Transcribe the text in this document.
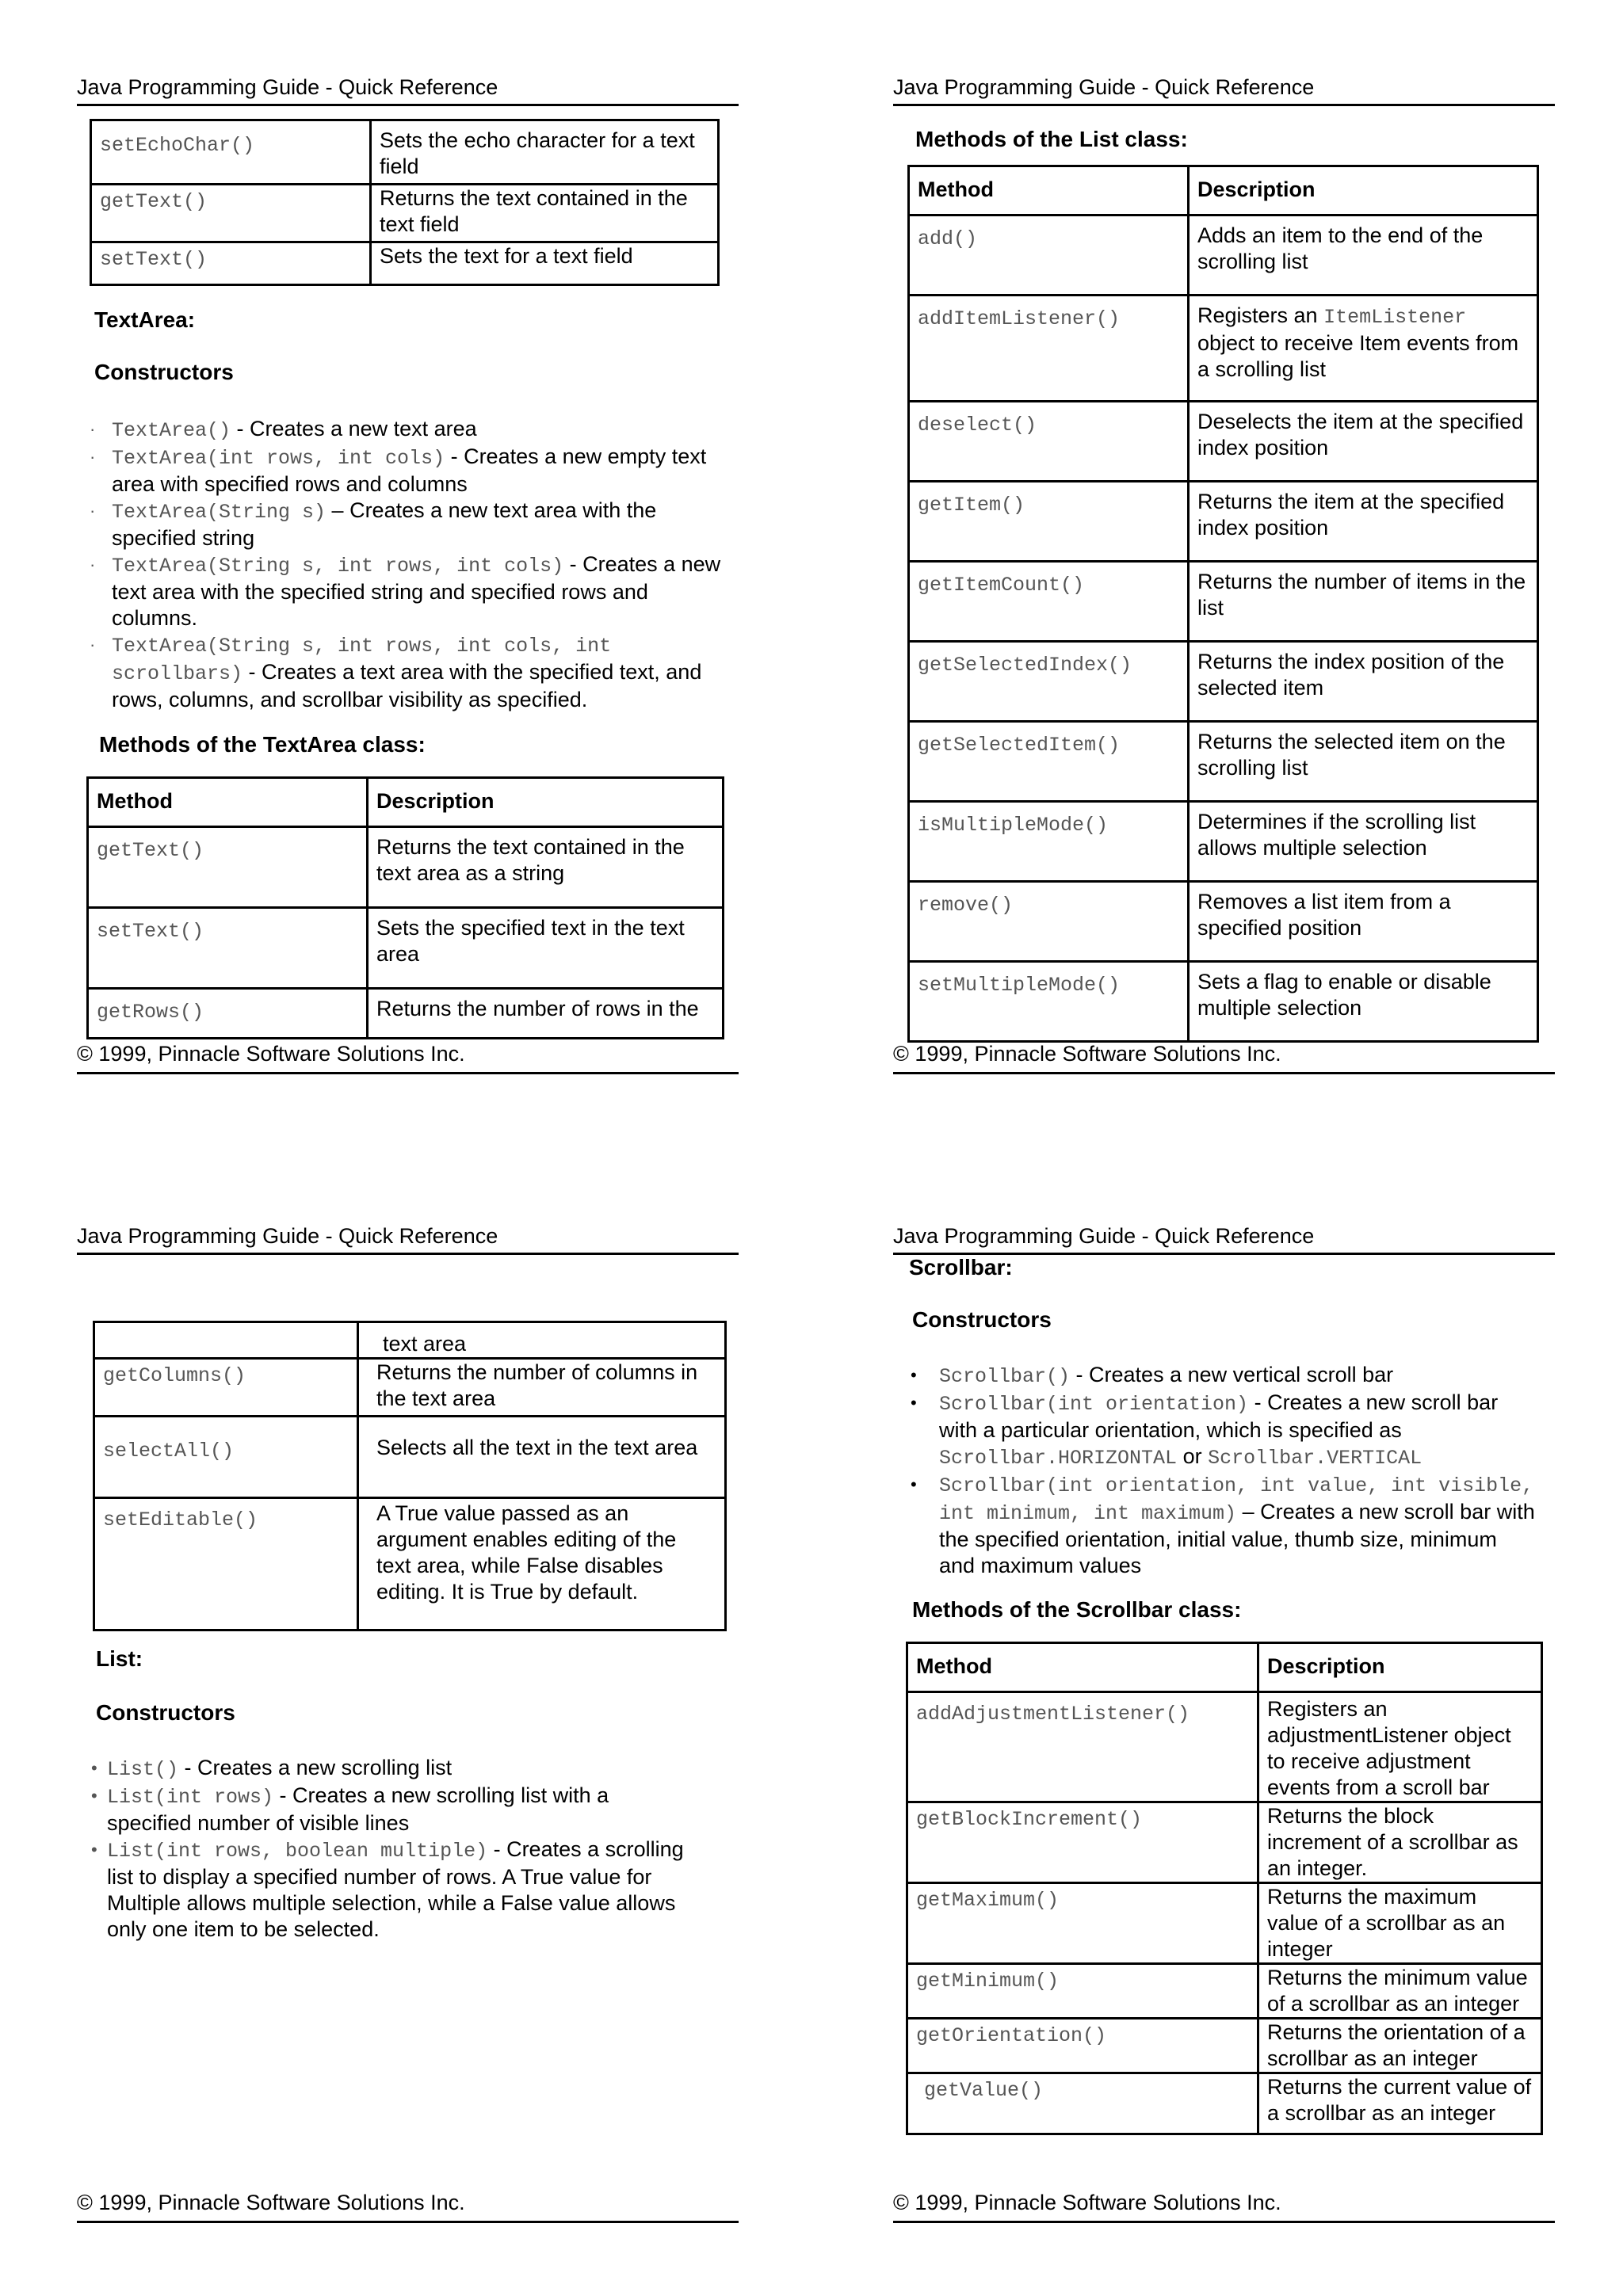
Java Programming Guide - Quick Reference
setEchoChar()	Sets the echo character for a text field
getText()	Returns the text contained in the text field
setText()	Sets the text for a text field
TextArea:
Constructors
· TextArea() - Creates a new text area
· TextArea(int rows, int cols) - Creates a new empty text area with specified rows and columns
· TextArea(String s) – Creates a new text area with the specified string
· TextArea(String s, int rows, int cols) - Creates a new text area with the specified string and specified rows and columns.
· TextArea(String s, int rows, int cols, int scrollbars) - Creates a text area with the specified text, and rows, columns, and scrollbar visibility as specified.
Methods of the TextArea class:
Method	Description
getText()	Returns the text contained in the text area as a string
setText()	Sets the specified text in the text area
getRows()	Returns the number of rows in the
© 1999, Pinnacle Software Solutions Inc.
Java Programming Guide - Quick Reference
Methods of the List class:
Method	Description
add()	Adds an item to the end of the scrolling list
addItemListener()	Registers an ItemListener
object to receive Item events from a scrolling list
deselect()	Deselects the item at the specified index position
getItem()	Returns the item at the specified index position
getItemCount()	Returns the number of items in the list
getSelectedIndex()	Returns the index position of the selected item
getSelectedItem()	Returns the selected item on the scrolling list
isMultipleMode()	Determines if the scrolling list allows multiple selection
remove()	Removes a list item from a specified position
setMultipleMode()	Sets a flag to enable or disable multiple selection
© 1999, Pinnacle Software Solutions Inc.
Java Programming Guide - Quick Reference
	text area
getColumns()	Returns the number of columns in the text area
selectAll()	Selects all the text in the text area
setEditable()	A True value passed as an argument enables editing of the text area, while False disables editing. It is True by default.
List:
Constructors
• List() - Creates a new scrolling list
• List(int rows) - Creates a new scrolling list with a specified number of visible lines
• List(int rows, boolean multiple) - Creates a scrolling list to display a specified number of rows. A True value for Multiple allows multiple selection, while a False value allows only one item to be selected.
© 1999, Pinnacle Software Solutions Inc.
Java Programming Guide - Quick Reference
Scrollbar:
Constructors
• Scrollbar() - Creates a new vertical scroll bar
• Scrollbar(int orientation) - Creates a new scroll bar with a particular orientation, which is specified as Scrollbar.HORIZONTAL or Scrollbar.VERTICAL
• Scrollbar(int orientation, int value, int visible, int minimum, int maximum) – Creates a new scroll bar with the specified orientation, initial value, thumb size, minimum and maximum values
Methods of the Scrollbar class:
Method	Description
addAdjustmentListener()	Registers an adjustmentListener object to receive adjustment events from a scroll bar
getBlockIncrement()	Returns the block increment of a scrollbar as an integer.
getMaximum()	Returns the maximum value of a scrollbar as an integer
getMinimum()	Returns the minimum value of a scrollbar as an integer
getOrientation()	Returns the orientation of a scrollbar as an integer
getValue()	Returns the current value of a scrollbar as an integer
© 1999, Pinnacle Software Solutions Inc.
